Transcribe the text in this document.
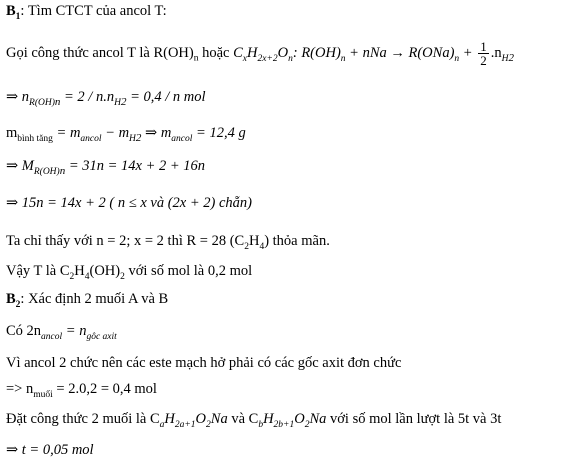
$B_1$: Tìm CTCT của ancol T:
Gọi công thức ancol T là $R(OH)_n$ hoặc $C_xH_{2x+2}O_n$: $R(OH)_n$ + nNa → $R(ONa)_n + \frac{1}{2} .n_{H2}$
⇒ $n_{R(OH)n} = 2 / n.n_{H2} = 0,4 / n$ mol
$m_{bình tăng} = m_{ancol} - m_{H2}$ ⇒ $m_{ancol} = 12,4$ g
⇒ $M_{R(OH)n} = 31n = 14x + 2 + 16n$
⇒ 15n = 14x + 2 ( n ≤ x và (2x + 2) chẵn)
Ta chỉ thấy với n = 2; x = 2 thì R = 28 $(C_2H_4)$ thỏa mãn.
Vậy T là $C_2H_4(OH)_2$ với số mol là 0,2 mol
$B_2$: Xác định 2 muối A và B
Có $2n_{ancol} = n_{gôc axit}$
Vì ancol 2 chức nên các este mạch hở phải có các gốc axit đơn chức
=> $n_{muối} = 2.0,2 = 0,4$ mol
Đặt công thức 2 muối là $C_aH_{2a+1}O_2Na$ và $C_bH_{2b+1}O_2Na$ với số mol lần lượt là 5t và 3t
⇒ t = 0,05 mol
